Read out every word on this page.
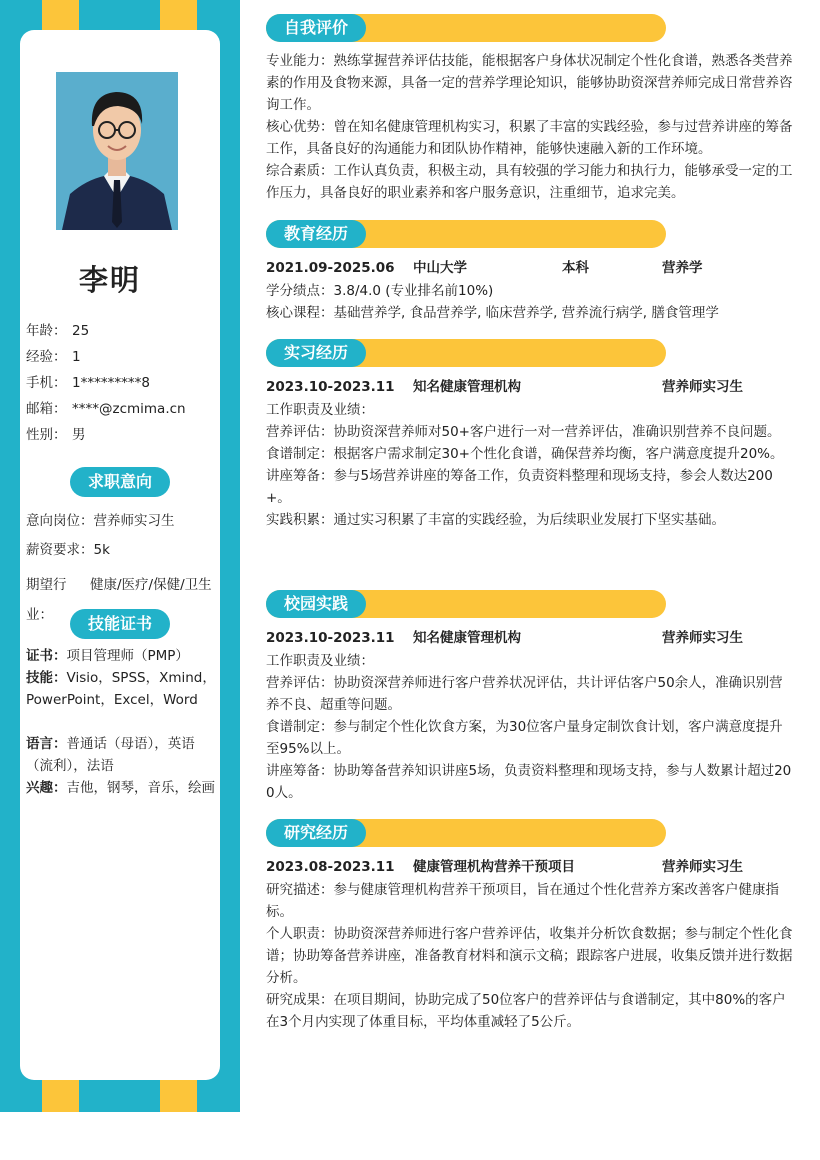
李明
年龄： 25
经验： 1
手机： 1*********8
邮箱： ****@zcmima.cn
性别： 男
求职意向
意向岗位：营养师实习生
薪资要求：5k
期望行业：健康/医疗/保健/卫生
技能证书
证书：项目管理师（PMP）
技能：Visio，SPSS，Xmind，PowerPoint，Excel，Word
语言：普通话（母语），英语（流利），法语
兴趣：吉他，钢琴，音乐，绘画
自我评价
专业能力：熟练掌握营养评估技能，能根据客户身体状况制定个性化食谱，熟悉各类营养素的作用及食物来源，具备一定的营养学理论知识，能够协助资深营养师完成日常营养咨询工作。
核心优势：曾在知名健康管理机构实习，积累了丰富的实践经验，参与过营养讲座的筹备工作，具备良好的沟通能力和团队协作精神，能够快速融入新的工作环境。
综合素质：工作认真负责，积极主动，具有较强的学习能力和执行力，能够承受一定的工作压力，具备良好的职业素养和客户服务意识，注重细节，追求完美。
教育经历
2021.09-2025.06 中山大学	本科	营养学
学分绩点：3.8/4.0 (专业排名前10%)
核心课程：基础营养学, 食品营养学, 临床营养学, 营养流行病学, 膳食管理学
实习经历
2023.10-2023.11 知名健康管理机构	营养师实习生
工作职责及业绩：
营养评估：协助资深营养师对50+客户进行一对一营养评估，准确识别营养不良问题。
食谱制定：根据客户需求制定30+个性化食谱，确保营养均衡，客户满意度提升20%。
讲座筹备：参与5场营养讲座的筹备工作，负责资料整理和现场支持，参会人数达200+。
实践积累：通过实习积累了丰富的实践经验，为后续职业发展打下坚实基础。
校园实践
2023.10-2023.11 知名健康管理机构	营养师实习生
工作职责及业绩：
营养评估：协助资深营养师进行客户营养状况评估，共计评估客户50余人，准确识别营养不良、超重等问题。
食谱制定：参与制定个性化饮食方案，为30位客户量身定制饮食计划，客户满意度提升至95%以上。
讲座筹备：协助筹备营养知识讲座5场，负责资料整理和现场支持，参与人数累计超过200人。
研究经历
2023.08-2023.11 健康管理机构营养干预项目	营养师实习生
研究描述：参与健康管理机构营养干预项目，旨在通过个性化营养方案改善客户健康指标。
个人职责：协助资深营养师进行客户营养评估，收集并分析饮食数据；参与制定个性化食谱；协助筹备营养讲座，准备教育材料和演示文稿；跟踪客户进展，收集反馈并进行数据分析。
研究成果：在项目期间，协助完成了50位客户的营养评估与食谱制定，其中80%的客户在3个月内实现了体重目标，平均体重减轻了5公斤。
